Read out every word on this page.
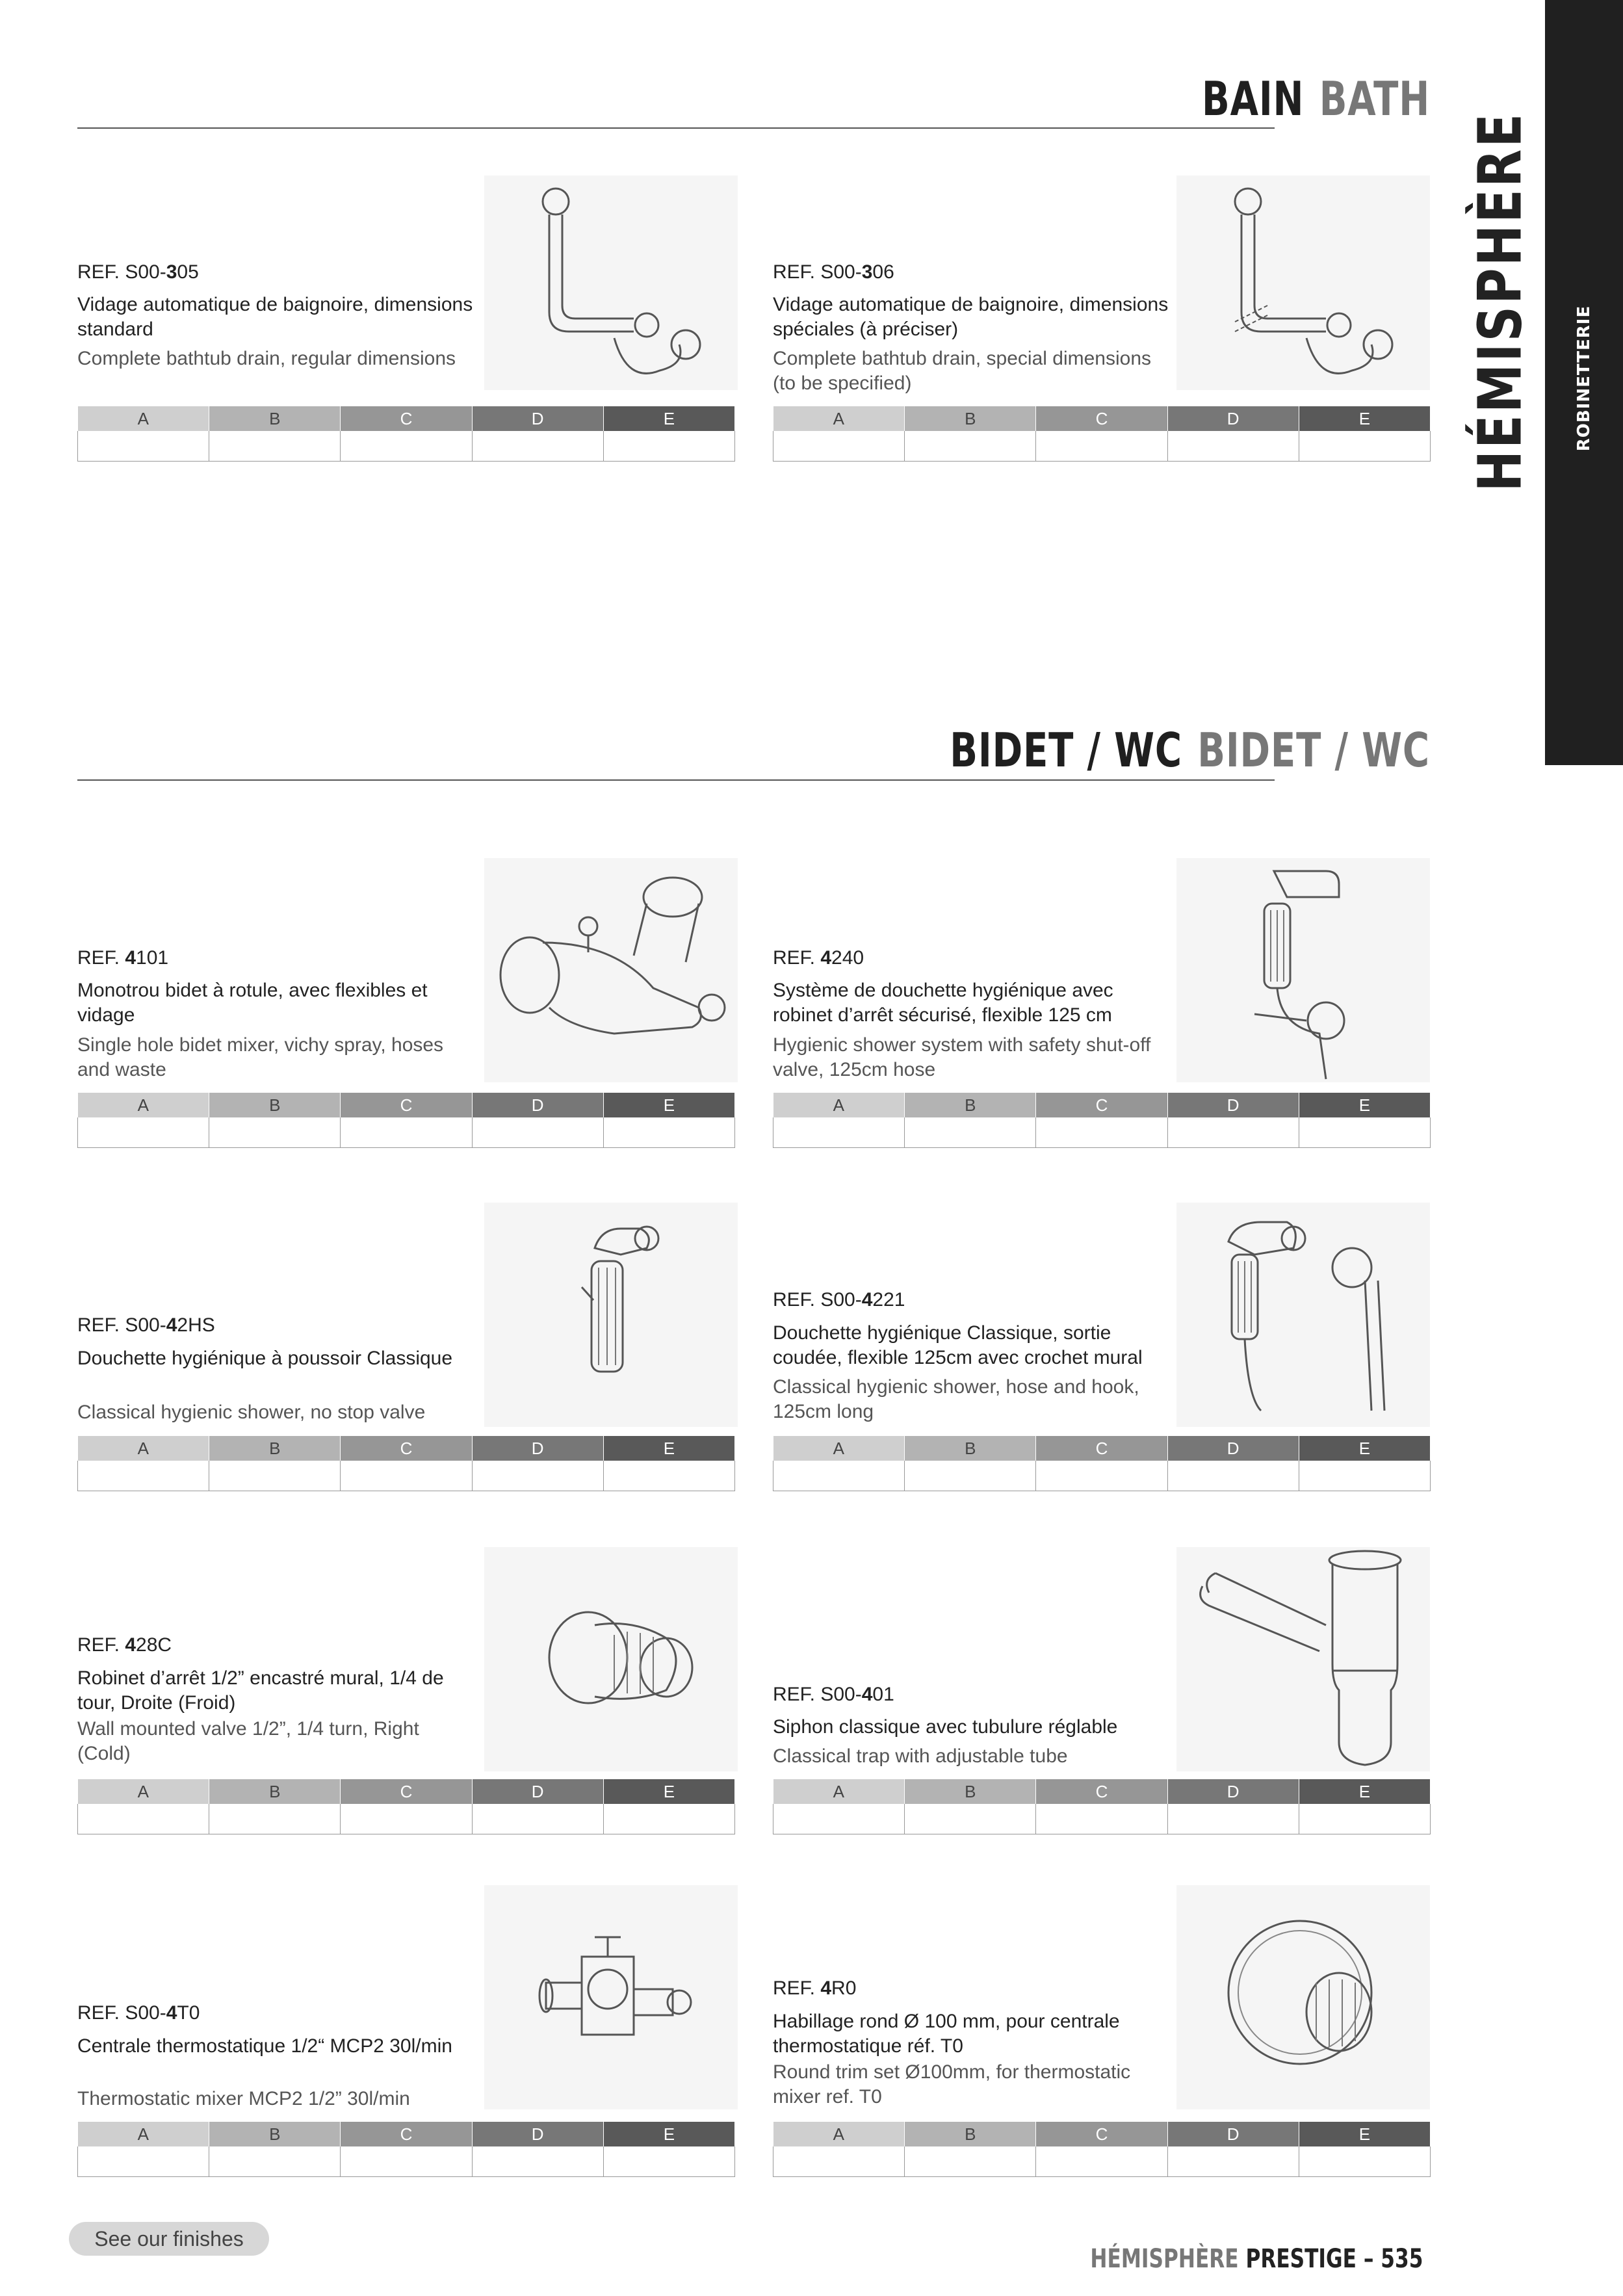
ROBINETTERIE
HÉMISPHÈRE
BAIN BATH
BIDET / WC BIDET / WC
REF. S00-305
Vidage automatique de baignoire, dimensions standard
Complete bathtub drain, regular dimensions
A	B	C	D	E

REF. S00-306
Vidage automatique de baignoire, dimensions spéciales (à préciser)
Complete bathtub drain, special dimensions (to be specified)
A	B	C	D	E

REF. 4101
Monotrou bidet à rotule, avec flexibles et vidage
Single hole bidet mixer, vichy spray, hoses and waste
A	B	C	D	E

REF. 4240
Système de douchette hygiénique avec robinet d’arrêt sécurisé, flexible 125 cm
Hygienic shower system with safety shut-off valve, 125cm hose
A	B	C	D	E

REF. S00-42HS
Douchette hygiénique à poussoir Classique
Classical hygienic shower, no stop valve
A	B	C	D	E

REF. S00-4221
Douchette hygiénique Classique, sortie coudée, flexible 125cm avec crochet mural
Classical hygienic shower, hose and hook, 125cm long
A	B	C	D	E

REF. 428C
Robinet d’arrêt 1/2” encastré mural, 1/4 de tour, Droite (Froid)
Wall mounted valve 1/2”, 1/4 turn, Right (Cold)
A	B	C	D	E

REF. S00-401
Siphon classique avec tubulure réglable
Classical trap with adjustable tube
A	B	C	D	E

REF. S00-4T0
Centrale thermostatique 1/2“ MCP2 30l/min
Thermostatic mixer MCP2 1/2” 30l/min
A	B	C	D	E

REF. 4R0
Habillage rond Ø 100 mm, pour centrale thermostatique réf. T0
Round trim set Ø100mm, for thermostatic mixer ref. T0
A	B	C	D	E

See our finishes
HÉMISPHÈRE PRESTIGE – 535
